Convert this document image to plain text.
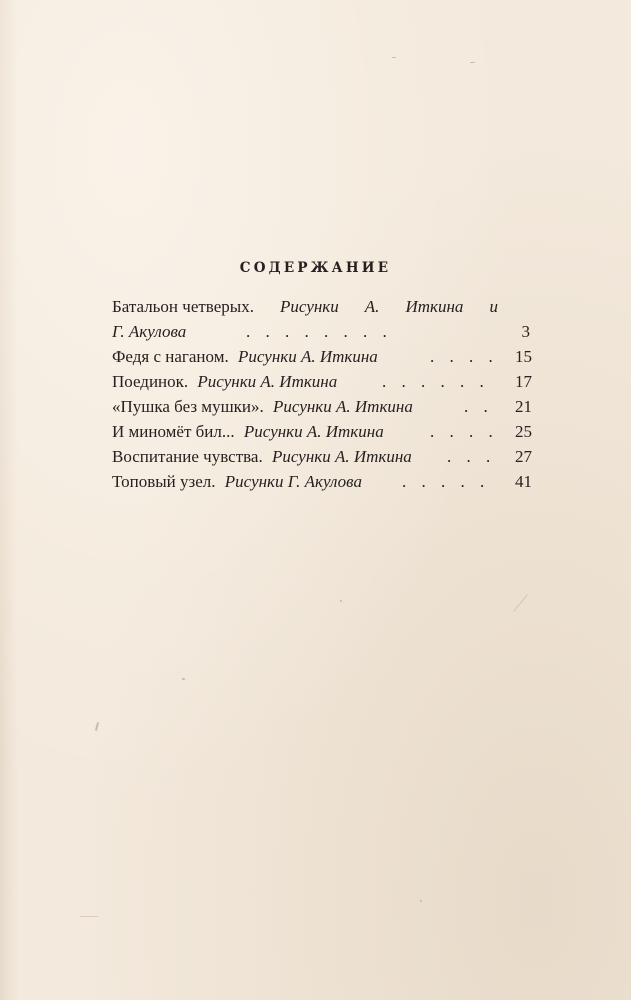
СОДЕРЖАНИЕ
Батальон четверых. Рисунки А. Иткина и
Г. Акулова	. . . . . . . .	3
Федя с наганом. Рисунки А. Иткина	. . . . 15
Поединок. Рисунки А. Иткина	. . . . . . 17
«Пушка без мушки». Рисунки А. Иткина	. . 21
И миномёт бил... Рисунки А. Иткина	. . . . 25
Воспитание чувства. Рисунки А. Иткина . . . 27
Топовый узел. Рисунки Г. Акулова . . . . . 41
